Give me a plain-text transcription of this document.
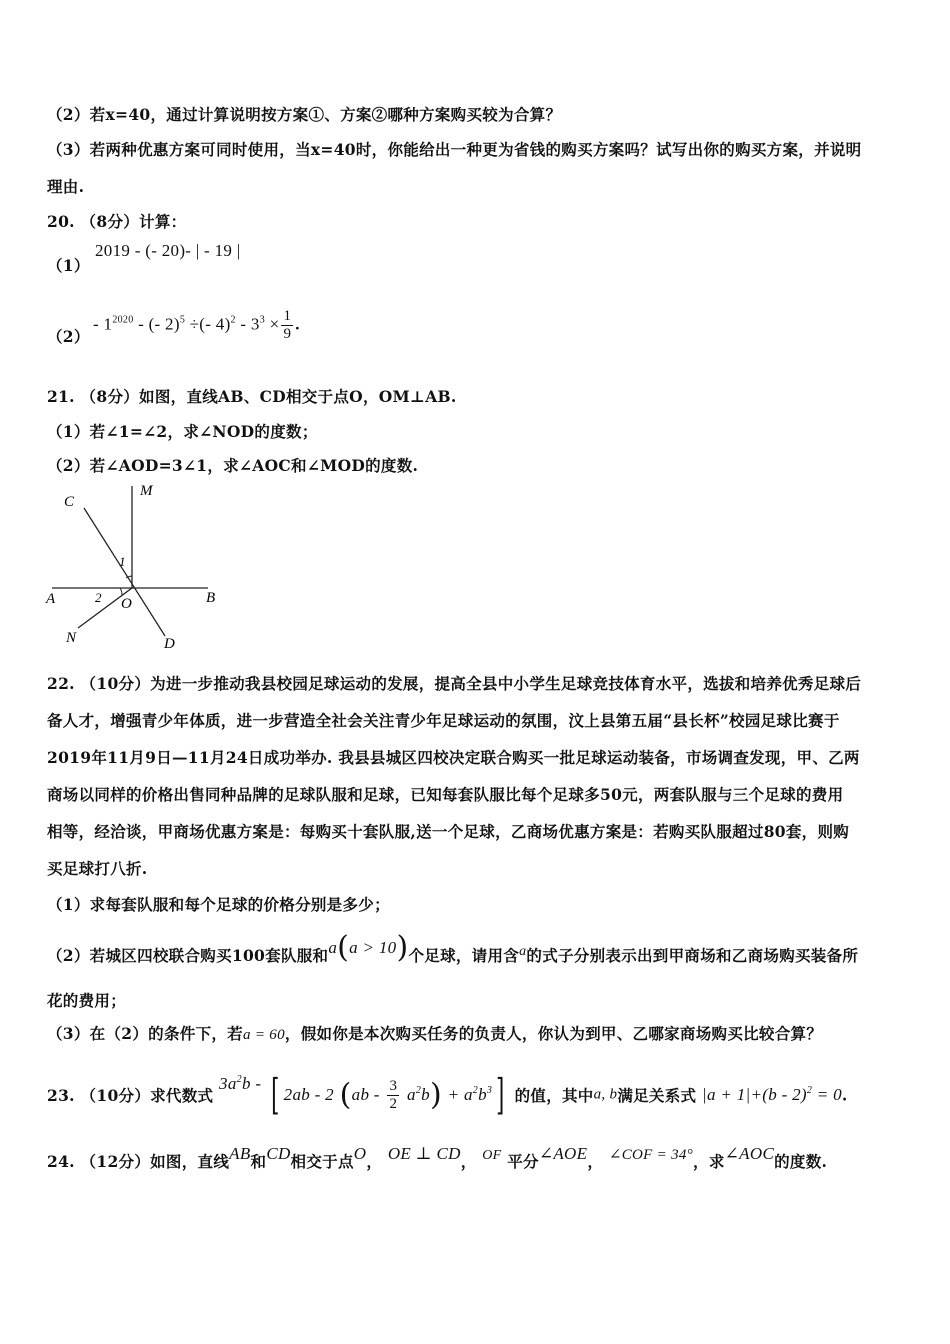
（2）若x=40，通过计算说明按方案①、方案②哪种方案购买较为合算？
（3）若两种优惠方案可同时使用，当x=40时，你能给出一种更为省钱的购买方案吗？试写出你的购买方案，并说明
理由.
20. （8分）计算：
（1）
2019 - (- 20)- | - 19 |
（2）
- $1^{2020}$ - (- 2)$^5$ ÷(- $4)^2 - 3^3 \times \frac{1}{9}$ .
21. （8分）如图，直线AB、CD相交于点O，OM⊥AB.
（1）若∠1=∠2，求∠NOD的度数；
（2）若∠AOD=3∠1，求∠AOC和∠MOD的度数.
C
M
1
A	2 O	B
N	D
22. （10分）为进一步推动我县校园足球运动的发展，提高全县中小学生足球竞技体育水平，选拔和培养优秀足球后
备人才，增强青少年体质，进一步营造全社会关注青少年足球运动的氛围，汶上县第五届“县长杯”校园足球比赛于
2019年11月9日—11月24日成功举办. 我县县城区四校决定联合购买一批足球运动装备，市场调查发现，甲、乙两
商场以同样的价格出售同种品牌的足球队服和足球，已知每套队服比每个足球多50元，两套队服与三个足球的费用
相等，经洽谈，甲商场优惠方案是：每购买十套队服,送一个足球，乙商场优惠方案是：若购买队服超过80套，则购
买足球打八折.
（1）求每套队服和每个足球的价格分别是多少；
（2）若城区四校联合购买100套队服和a(a > 10)个足球，请用含a的式子分别表示出到甲商场和乙商场购买装备所
花的费用；
（3）在（2）的条件下，若a = 60，假如你是本次购买任务的负责人，你认为到甲、乙哪家商场购买比较合算？
23. （10分）求代数式 $3a^2b$ - [ 2ab - 2 $(ab - \frac{3}{2} a^2b) + a^2b^3$] 的值，其中a, b满足关系式 |a + 1|+(b - 2)$^2$ = 0.
24. （12分）如图，直线AB和CD相交于点O， OE ⊥ CD， OF 平分∠AOE， ∠COF = 34°，求∠AOC的度数.
